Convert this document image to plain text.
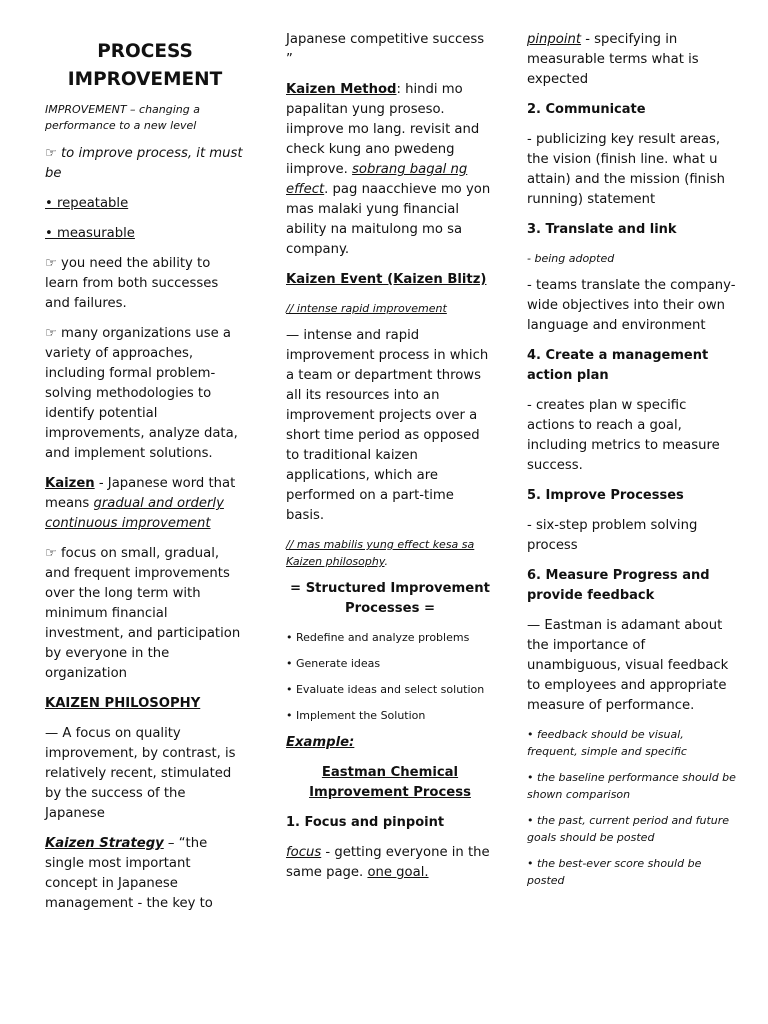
PROCESS IMPROVEMENT

IMPROVEMENT – changing a performance to a new level

☞ to improve process, it must be

• repeatable

• measurable

☞ you need the ability to learn from both successes and failures.

☞ many organizations use a variety of approaches, including formal problem-solving methodologies to identify potential improvements, analyze data, and implement solutions.

Kaizen - Japanese word that means gradual and orderly continuous improvement

☞ focus on small, gradual, and frequent improvements over the long term with minimum financial investment, and participation by everyone in the organization

KAIZEN PHILOSOPHY

— A focus on quality improvement, by contrast, is relatively recent, stimulated by the success of the Japanese

Kaizen Strategy – “the single most important concept in Japanese management - the key to

Japanese competitive success ”

Kaizen Method: hindi mo papalitan yung proseso. iimprove mo lang. revisit and check kung ano pwedeng iimprove. sobrang bagal ng effect. pag naacchieve mo yon mas malaki yung financial ability na maitulong mo sa company.

Kaizen Event (Kaizen Blitz)

// intense rapid improvement

— intense and rapid improvement process in which a team or department throws all its resources into an improvement projects over a short time period as opposed to traditional kaizen applications, which are performed on a part-time basis.

// mas mabilis yung effect kesa sa Kaizen philosophy.

= Structured Improvement Processes =

• Redefine and analyze problems

• Generate ideas

• Evaluate ideas and select solution

• Implement the Solution

Example:

Eastman Chemical Improvement Process

1. Focus and pinpoint

focus - getting everyone in the same page. one goal.

pinpoint - specifying in measurable terms what is expected

2. Communicate

- publicizing key result areas, the vision (finish line. what u attain) and the mission (finish running) statement

3. Translate and link

- being adopted

- teams translate the company-wide objectives into their own language and environment

4. Create a management action plan

- creates plan w specific actions to reach a goal, including metrics to measure success.

5. Improve Processes

- six-step problem solving process

6. Measure Progress and provide feedback

— Eastman is adamant about the importance of unambiguous, visual feedback to employees and appropriate measure of performance.

• feedback should be visual, frequent, simple and specific

• the baseline performance should be shown comparison

• the past, current period and future goals should be posted

• the best-ever score should be posted
